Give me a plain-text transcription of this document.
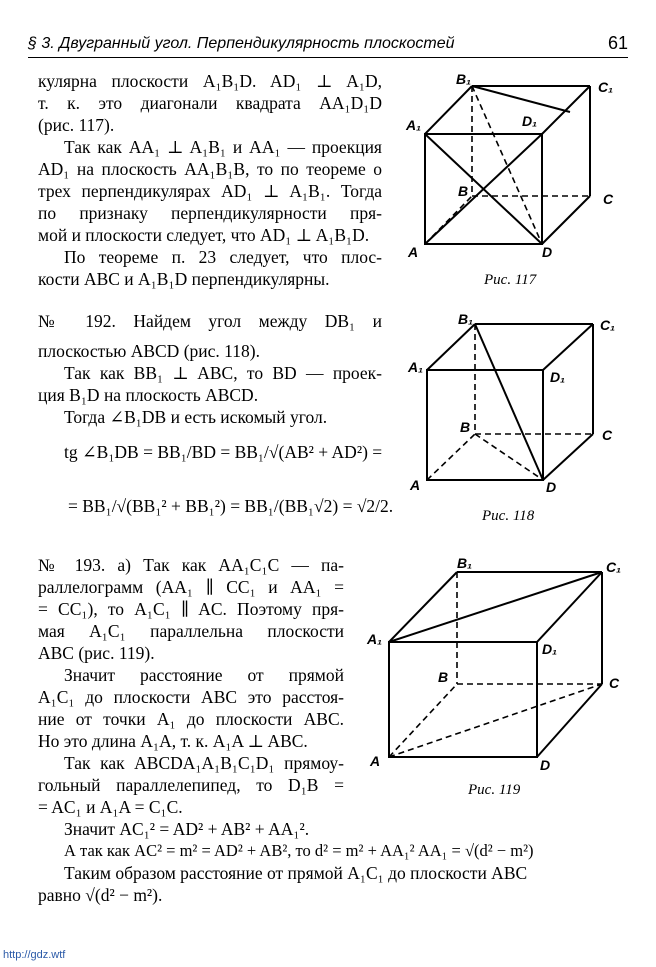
§ 3. Двугранный угол. Перпендикулярность плоскостей	61

кулярна плоскости A₁B₁D. AD₁ ⊥ A₁D,

т. к. это диагонали квадрата AA₁D₁D

(рис. 117).

Так как AA₁ ⊥ A₁B₁ и AA₁ — проекция

AD₁ на плоскость AA₁B₁B, то по теореме о

трех перпендикулярах AD₁ ⊥ A₁B₁. Тогда

по признаку перпендикулярности пря-

мой и плоскости следует, что AD₁ ⊥ A₁B₁D.

По теореме п. 23 следует, что плос-

кости ABC и A₁B₁D перпендикулярны.

№ 192. Найдем угол между DB₁ и

плоскостью ABCD (рис. 118).

Так как BB₁ ⊥ ABC, то BD — проек-

ция B₁D на плоскость ABCD.

Тогда ∠B₁DB и есть искомый угол.

tg ∠B₁DB = BB₁/BD = BB₁/√(AB² + AD²) =

= BB₁/√(BB₁² + BB₁²) = BB₁/(BB₁√2) = √2/2.

№ 193. а) Так как AA₁C₁C — па-

раллелограмм (AA₁ ∥ CC₁ и AA₁ =

= CC₁), то A₁C₁ ∥ AC. Поэтому пря-

мая A₁C₁ параллельна плоскости

ABC (рис. 119).

Значит расстояние от прямой

A₁C₁ до плоскости ABC это расстоя-

ние от точки A₁ до плоскости ABC.

Но это длина A₁A, т. к. A₁A ⊥ ABC.

Так как ABCDA₁A₁B₁C₁D₁ прямоу-

гольный параллелепипед, то D₁B =

= AC₁ и A₁A = C₁C.

Значит AC₁² = AD² + AB² + AA₁².

А так как AC² = m² = AD² + AB², то d² = m² + AA₁² AA₁ = √(d² − m²)

Таким образом расстояние от прямой A₁C₁ до плоскости ABC

равно √(d² − m²).

B₁	C₁
A₁	D₁
B	C
A	D
Рис. 117
B₁	C₁
A₁
D₁
B	C
A	D
Рис. 118
B₁	C₁
A₁
D₁
B	C
A	D
Рис. 119
http://gdz.wtf
